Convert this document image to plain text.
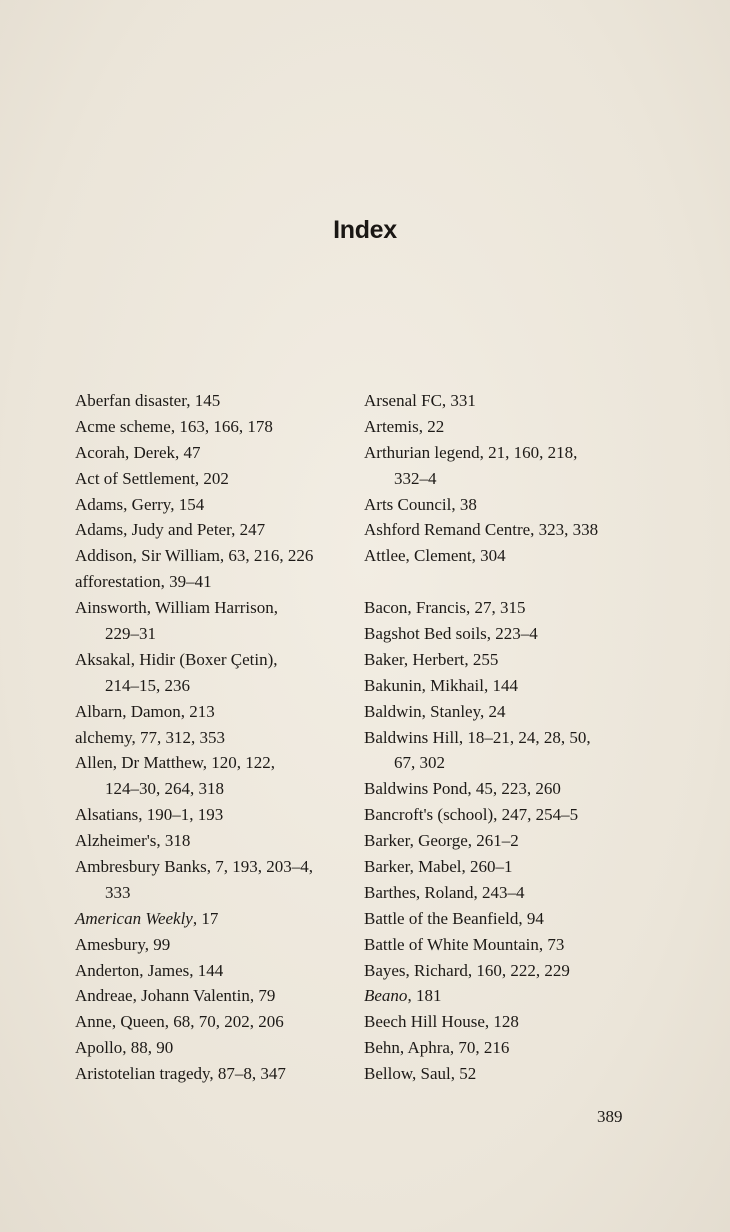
Index
Aberfan disaster, 145
Acme scheme, 163, 166, 178
Acorah, Derek, 47
Act of Settlement, 202
Adams, Gerry, 154
Adams, Judy and Peter, 247
Addison, Sir William, 63, 216, 226
afforestation, 39–41
Ainsworth, William Harrison,
229–31
Aksakal, Hidir (Boxer Çetin),
214–15, 236
Albarn, Damon, 213
alchemy, 77, 312, 353
Allen, Dr Matthew, 120, 122,
124–30, 264, 318
Alsatians, 190–1, 193
Alzheimer's, 318
Ambresbury Banks, 7, 193, 203–4,
333
American Weekly, 17
Amesbury, 99
Anderton, James, 144
Andreae, Johann Valentin, 79
Anne, Queen, 68, 70, 202, 206
Apollo, 88, 90
Aristotelian tragedy, 87–8, 347
Arsenal FC, 331
Artemis, 22
Arthurian legend, 21, 160, 218,
332–4
Arts Council, 38
Ashford Remand Centre, 323, 338
Attlee, Clement, 304
Bacon, Francis, 27, 315
Bagshot Bed soils, 223–4
Baker, Herbert, 255
Bakunin, Mikhail, 144
Baldwin, Stanley, 24
Baldwins Hill, 18–21, 24, 28, 50,
67, 302
Baldwins Pond, 45, 223, 260
Bancroft's (school), 247, 254–5
Barker, George, 261–2
Barker, Mabel, 260–1
Barthes, Roland, 243–4
Battle of the Beanfield, 94
Battle of White Mountain, 73
Bayes, Richard, 160, 222, 229
Beano, 181
Beech Hill House, 128
Behn, Aphra, 70, 216
Bellow, Saul, 52
389
